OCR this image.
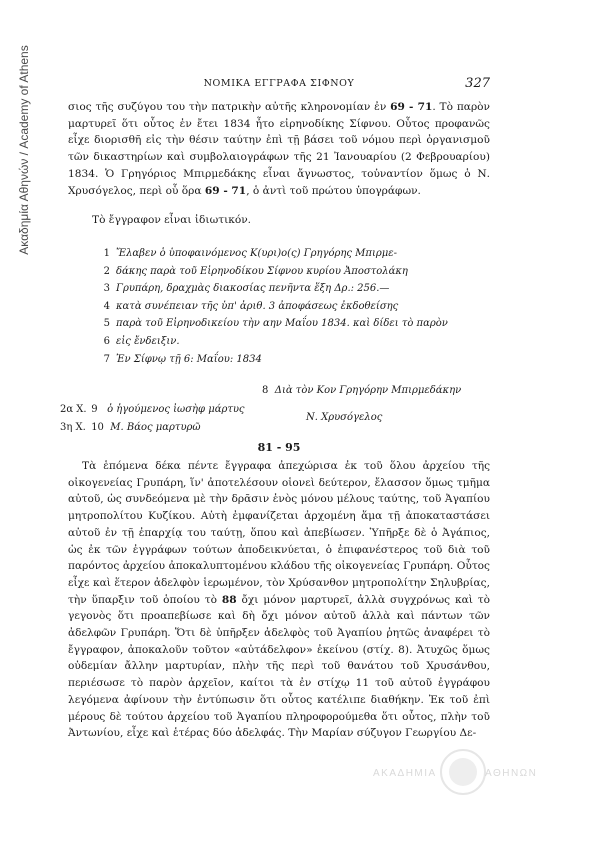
Ακαδημία Αθηνών / Academy of Athens	ΝΟΜΙΚΑ ΕΓΓΡΑΦΑ ΣΙΦΝΟΥ	327

σιος τῆς συζύγου του τὴν πατρικὴν αὐτῆς κληρονομίαν ἐν 69 - 71. Τὸ παρὸν μαρτυρεῖ ὅτι οὗτος ἐν ἔτει 1834 ἦτο εἰρηνοδίκης Σίφνου. Οὗτος προφανῶς εἶχε διορισθῆ εἰς τὴν θέσιν ταύτην ἐπὶ τῇ βάσει τοῦ νόμου περὶ ὀργανισμοῦ τῶν δικαστηρίων καὶ συμβολαιογράφων τῆς 21 Ἰανουαρίου (2 Φεβρουαρίου) 1834. Ὁ Γρηγόριος Μπιρμεδάκης εἶναι ἄγνωστος, τοὐναντίον ὅμως ὁ Ν. Χρυσόγελος, περὶ οὗ ὅρα 69 - 71, ὁ ἀντὶ τοῦ πρώτου ὑπογράφων.

Τὸ ἔγγραφον εἶναι ἰδιωτικόν.
1 Ἔλαβεν ὁ ὑποφαινόμενος Κ(υρι)ο(ς) Γρηγόρης Μπιρμε-
2 δάκης παρὰ τοῦ Εἰρηνοδίκου Σίφνου κυρίου Ἀποστολάκη
3 Γρυπάρη, δραχμὰς διακοσίας πενῆντα ἕξη Δρ.: 256.—
4 κατὰ συνέπειαν τῆς ὑπ' ἀριθ. 3 ἀποφάσεως ἐκδοθείσης
5 παρὰ τοῦ Εἰρηνοδικείου τὴν αην Μαΐου 1834. καὶ δίδει τὸ παρὸν
6 εἰς ἔνδειξιν.
7 Ἐν Σίφνῳ τῇ 6: Μαΐου: 1834
8 Διὰ τὸν Κον Γρηγόρην Μπιρμεδάκην
2α Χ. 9 ὁ ἡγούμενος ἰωσὴφ μάρτυς
3η Χ. 10 Μ. Βάος μαρτυρῶ
Ν. Χρυσόγελος
81 - 95

Τὰ ἑπόμενα δέκα πέντε ἔγγραφα ἀπεχώρισα ἐκ τοῦ ὅλου ἀρχείου τῆς οἰκογενείας Γρυπάρη, ἵν' ἀποτελέσουν οἱονεὶ δεύτερον, ἔλασσον ὅμως τμῆμα αὐτοῦ, ὡς συνδεόμενα μὲ τὴν δρᾶσιν ἑνὸς μόνου μέλους ταύτης, τοῦ Ἀγαπίου μητροπολίτου Κυζίκου. Αὐτὴ ἐμφανίζεται ἀρχομένη ἅμα τῇ ἀποκαταστάσει αὐτοῦ ἐν τῇ ἐπαρχίᾳ του ταύτῃ, ὅπου καὶ ἀπεβίωσεν. Ὑπῆρξε δὲ ὁ Ἀγάπιος, ὡς ἐκ τῶν ἐγγράφων τούτων ἀποδεικνύεται, ὁ ἐπιφανέστερος τοῦ διὰ τοῦ παρόντος ἀρχείου ἀποκαλυπτομένου κλάδου τῆς οἰκογενείας Γρυπάρη. Οὗτος εἶχε καὶ ἕτερον ἀδελφὸν ἱερωμένον, τὸν Χρύσανθον μητροπολίτην Σηλυβρίας, τὴν ὕπαρξιν τοῦ ὁποίου τὸ 88 ὄχι μόνον μαρτυρεῖ, ἀλλὰ συγχρόνως καὶ τὸ γεγονὸς ὅτι προαπεβίωσε καὶ δὴ ὄχι μόνον αὐτοῦ ἀλλὰ καὶ πάντων τῶν ἀδελφῶν Γρυπάρη. Ὅτι δὲ ὑπῆρξεν ἀδελφὸς τοῦ Ἀγαπίου ῥητῶς ἀναφέρει τὸ ἔγγραφον, ἀποκαλοῦν τοῦτον «αὐτάδελφον» ἐκείνου (στίχ. 8). Ἀτυχῶς ὅμως οὐδεμίαν ἄλλην μαρτυρίαν, πλὴν τῆς περὶ τοῦ θανάτου τοῦ Χρυσάνθου, περιέσωσε τὸ παρὸν ἀρχεῖον, καίτοι τὰ ἐν στίχῳ 11 τοῦ αὐτοῦ ἐγγράφου λεγόμενα ἀφίνουν τὴν ἐντύπωσιν ὅτι οὗτος κατέλιπε διαθήκην. Ἐκ τοῦ ἐπὶ μέρους δὲ τούτου ἀρχείου τοῦ Ἀγαπίου πληροφορούμεθα ὅτι οὗτος, πλὴν τοῦ Ἀντωνίου, εἶχε καὶ ἑτέρας δύο ἀδελφάς. Τὴν Μαρίαν σύζυγον Γεωργίου Δε-

ΑΚΑΔΗΜΙΑ	ΑΘΗΝΩΝ
